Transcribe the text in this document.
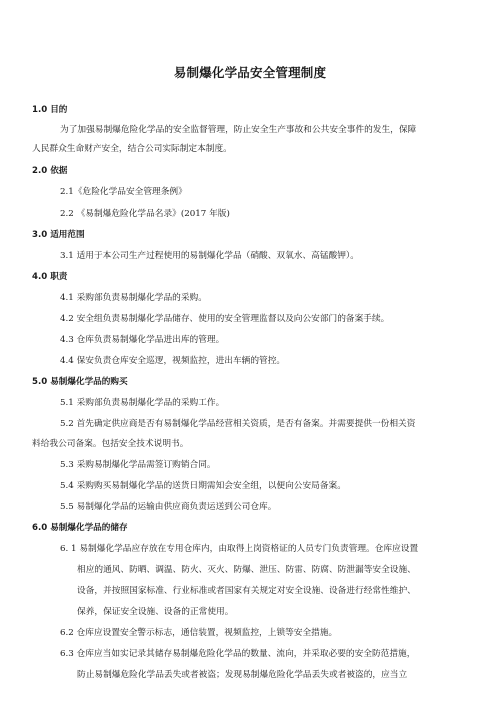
易制爆化学品安全管理制度
1.0 目的
为了加强易制爆危险化学品的安全监督管理，防止安全生产事故和公共安全事件的发生，保障
人民群众生命财产安全，结合公司实际制定本制度。
2.0 依据
2.1《危险化学品安全管理条例》
2.2 《易制爆危险化学品名录》(2017 年版)
3.0 适用范围
3.1 适用于本公司生产过程使用的易制爆化学品（硝酸、双氧水、高锰酸钾）。
4.0 职责
4.1 采购部负责易制爆化学品的采购。
4.2 安全组负责易制爆化学品储存、使用的安全管理监督以及向公安部门的备案手续。
4.3 仓库负责易制爆化学品进出库的管理。
4.4 保安负责仓库安全巡逻，视频监控，进出车辆的管控。
5.0 易制爆化学品的购买
5.1 采购部负责易制爆化学品的采购工作。
5.2 首先确定供应商是否有易制爆化学品经营相关资质，是否有备案。并需要提供一份相关资
料给我公司备案。包括安全技术说明书。
5.3 采购易制爆化学品需签订购销合同。
5.4 采购购买易制爆化学品的送货日期需知会安全组，以便向公安局备案。
5.5 易制爆化学品的运输由供应商负责运送到公司仓库。
6.0 易制爆化学品的储存
6. 1 易制爆化学品应存放在专用仓库内，由取得上岗资格证的人员专门负责管理。仓库应设置
相应的通风、防晒、调温、防火、灭火、防爆、泄压、防雷、防腐、防泄漏等安全设施、
设备，并按照国家标准、行业标准或者国家有关规定对安全设施、设备进行经常性维护、
保养，保证安全设施、设备的正常使用。
6.2 仓库应设置安全警示标志，通信装置，视频监控，上锁等安全措施。
6.3 仓库应当如实记录其储存易制爆危险化学品的数量、流向，并采取必要的安全防范措施，
防止易制爆危险化学品丢失或者被盗；发现易制爆危险化学品丢失或者被盗的，应当立
